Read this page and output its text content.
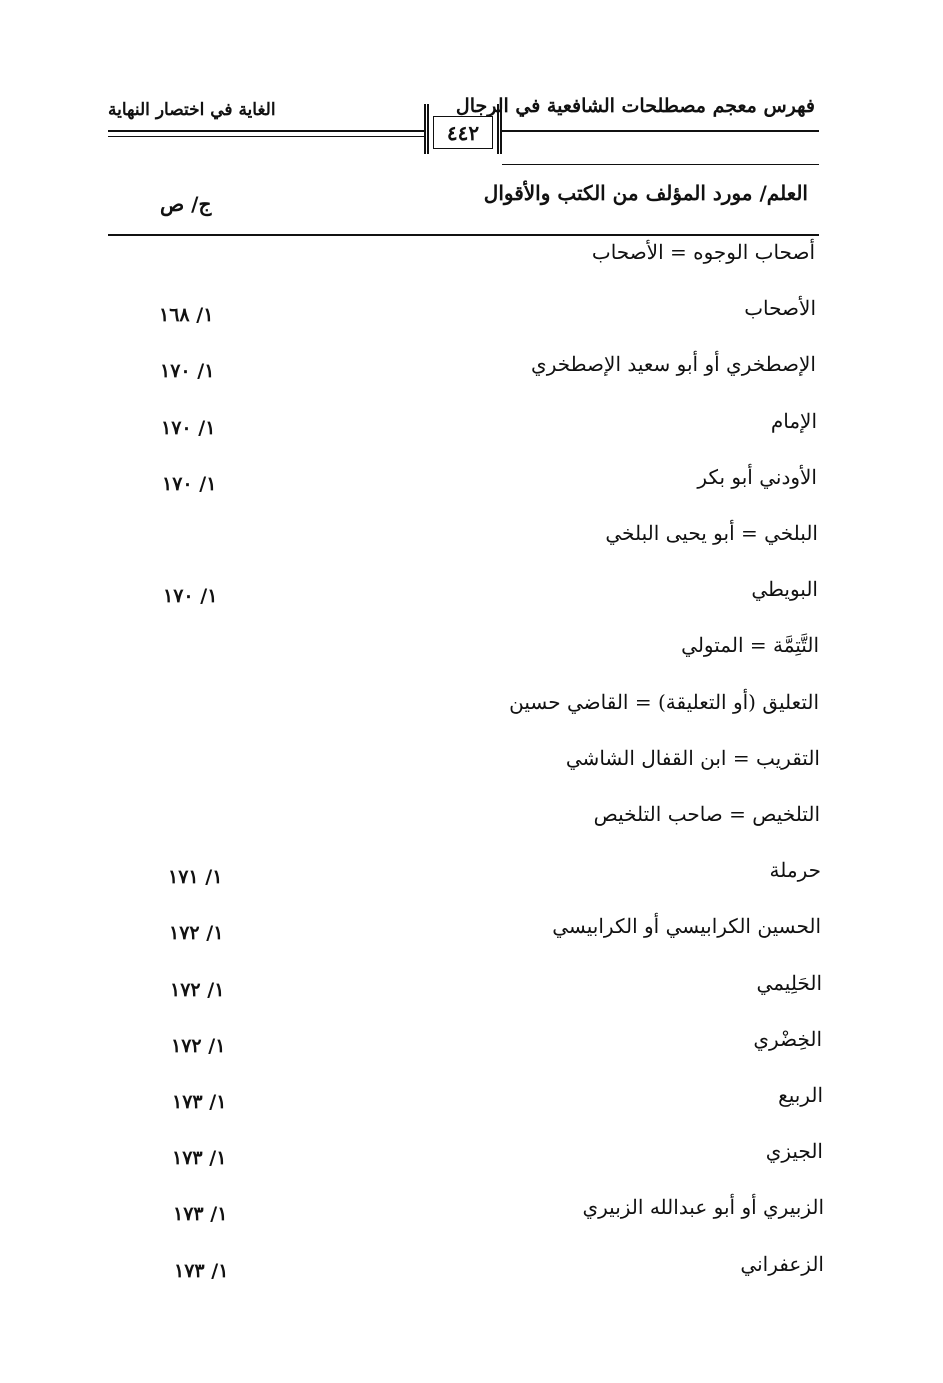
فهرس معجم مصطلحات الشافعية في الرجال
الغاية في اختصار النهاية
٤٤٢
العلم/ مورد المؤلف من الكتب والأقوال
ج/ ص
أصحاب الوجوه = الأصحاب
الأصحاب
١/ ١٦٨
الإصطخري أو أبو سعيد الإصطخري
١/ ١٧٠
الإمام
١/ ١٧٠
الأودني أبو بكر
١/ ١٧٠
البلخي = أبو يحيى البلخي
البويطي
١/ ١٧٠
التَّتِمَّة = المتولي
التعليق (أو التعليقة) = القاضي حسين
التقريب = ابن القفال الشاشي
التلخيص = صاحب التلخيص
حرملة
١/ ١٧١
الحسين الكرابيسي أو الكرابيسي
١/ ١٧٢
الحَلِيمي
١/ ١٧٢
الخِضْري
١/ ١٧٢
الربيع
١/ ١٧٣
الجيزي
١/ ١٧٣
الزبيري أو أبو عبدالله الزبيري
١/ ١٧٣
الزعفراني
١/ ١٧٣
